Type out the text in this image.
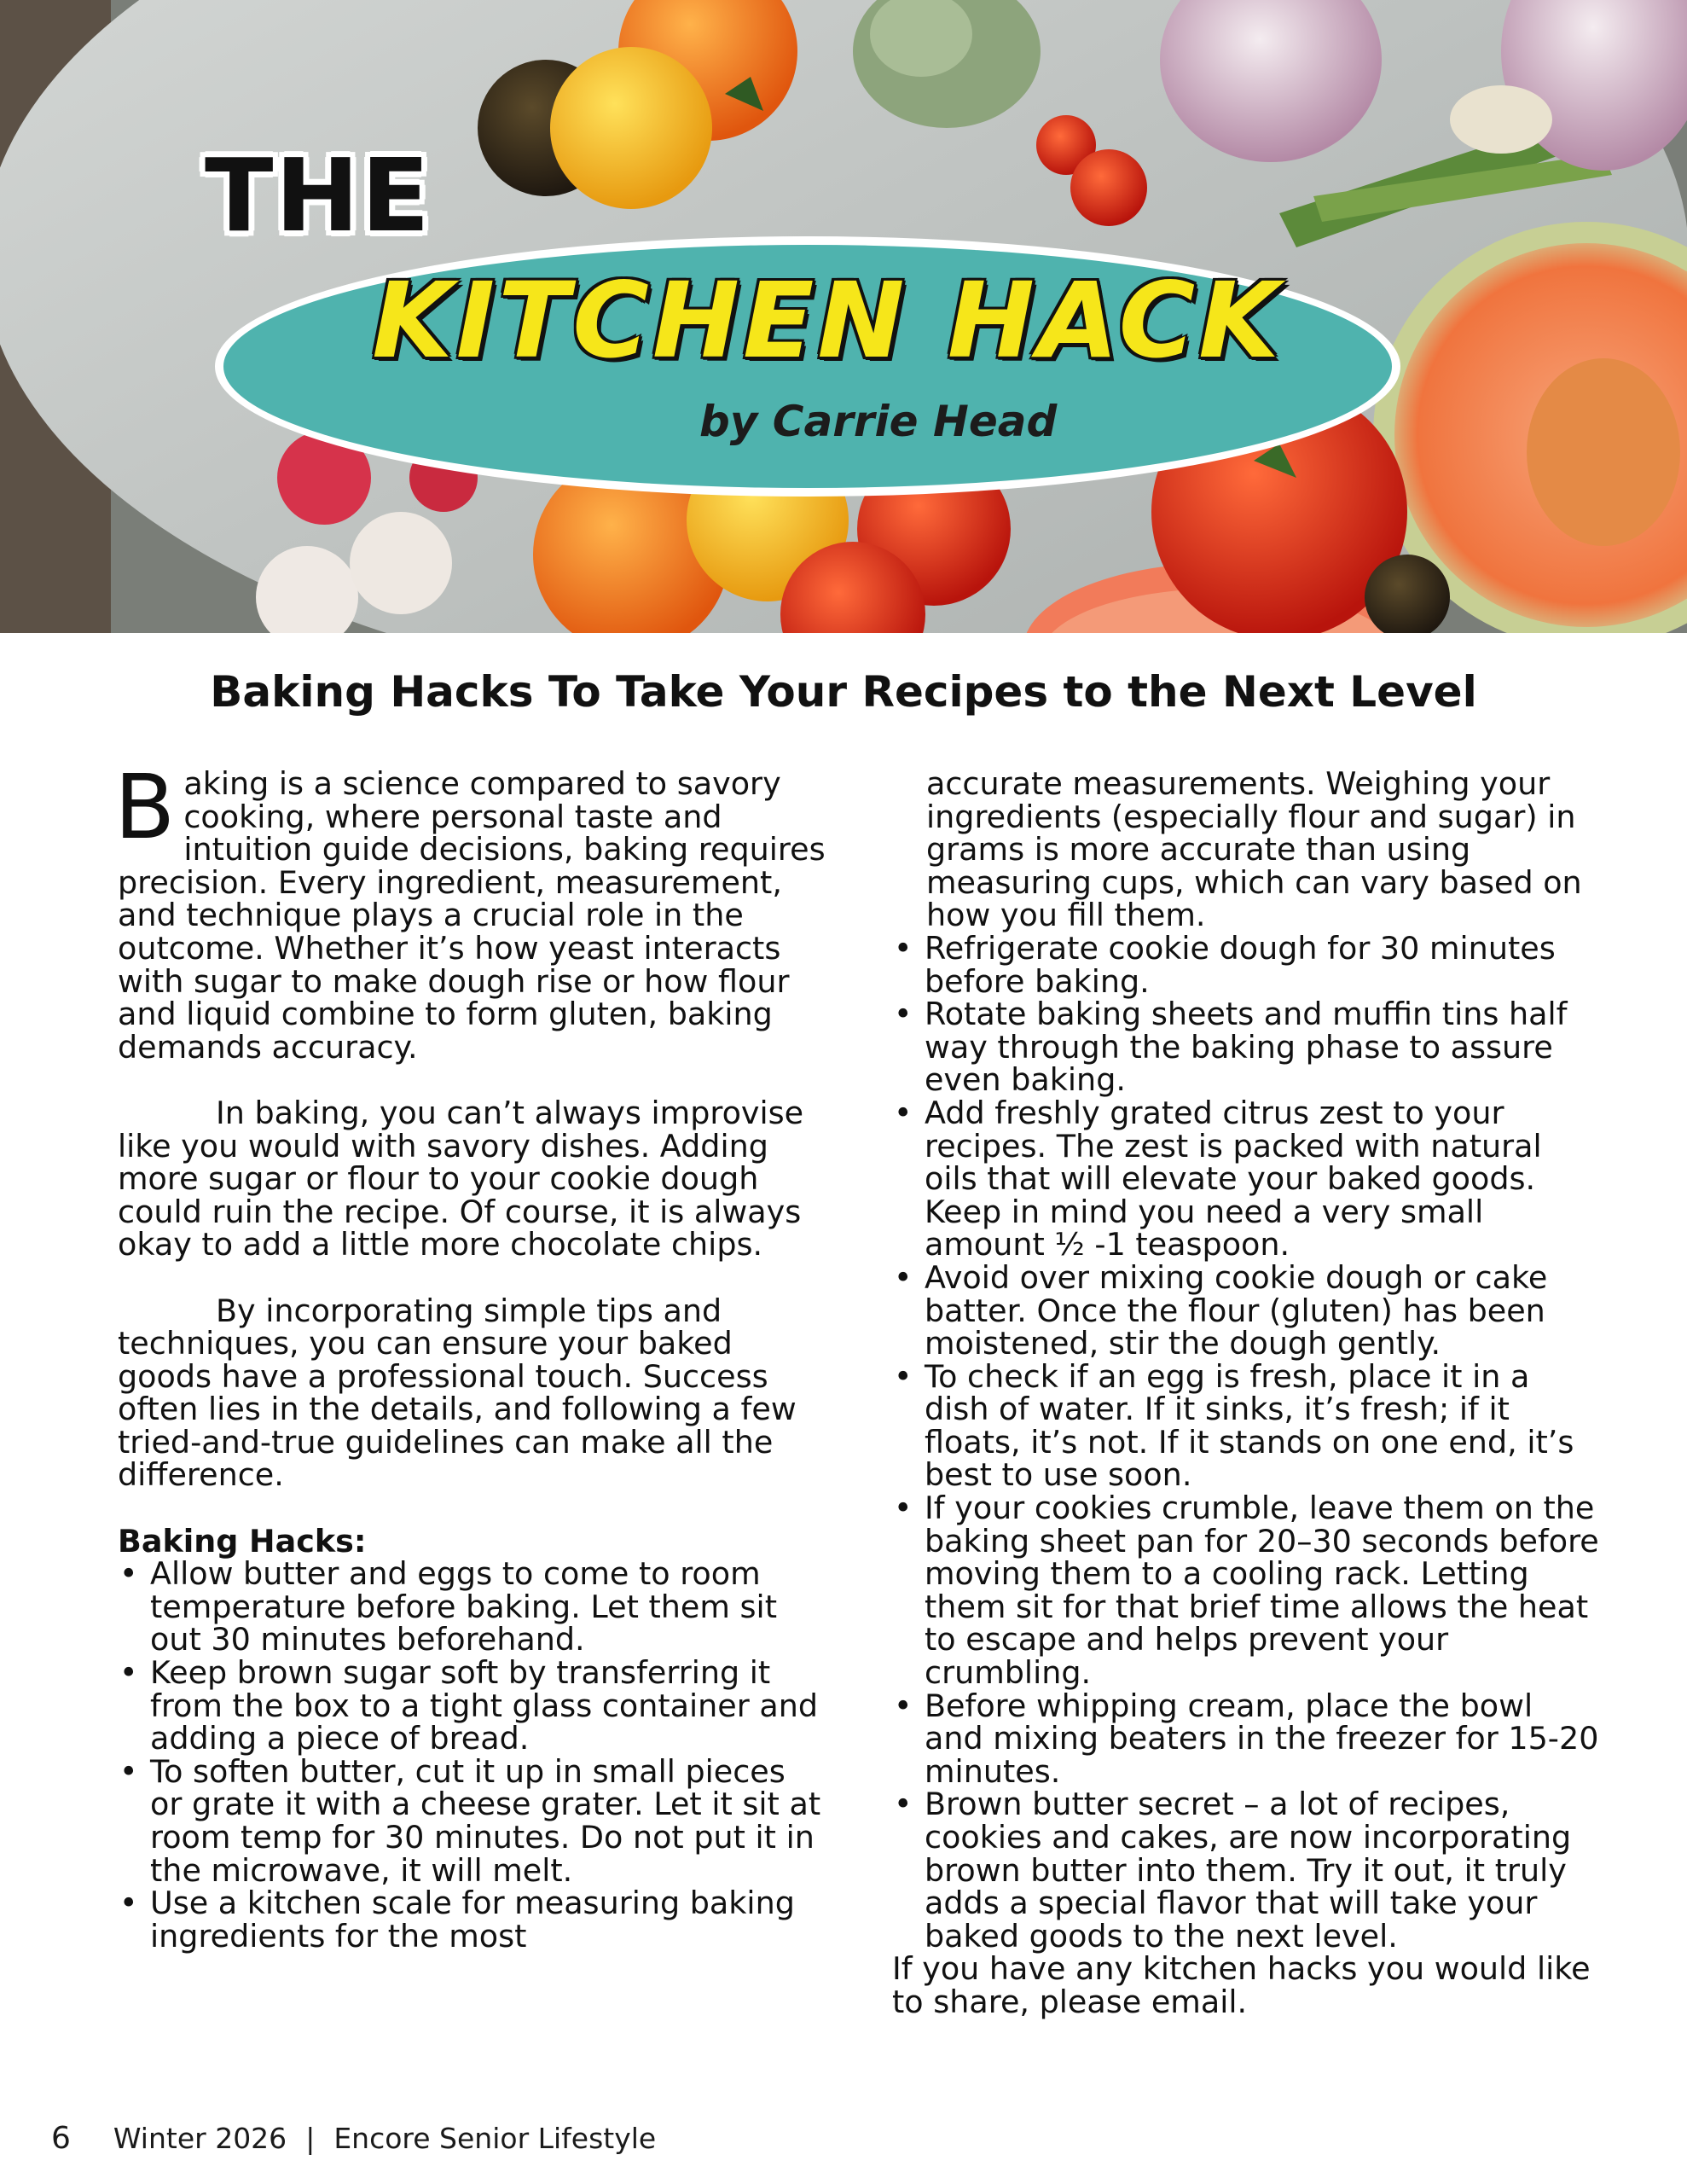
THE
KITCHEN HACK
by Carrie Head
Baking Hacks To Take Your Recipes to the Next Level

Baking is a science compared to savory cooking, where personal taste and intuition guide decisions, baking requires precision. Every ingredient, measurement, and technique plays a crucial role in the outcome. Whether it’s how yeast interacts with sugar to make dough rise or how flour and liquid combine to form gluten, baking demands accuracy.

In baking, you can’t always improvise like you would with savory dishes. Adding more sugar or flour to your cookie dough could ruin the recipe. Of course, it is always okay to add a little more chocolate chips.

By incorporating simple tips and techniques, you can ensure your baked goods have a professional touch. Success often lies in the details, and following a few tried-and-true guidelines can make all the difference.

Baking Hacks:

• Allow butter and eggs to come to room temperature before baking. Let them sit out 30 minutes beforehand.
• Keep brown sugar soft by transferring it from the box to a tight glass container and adding a piece of bread.
• To soften butter, cut it up in small pieces or grate it with a cheese grater. Let it sit at room temp for 30 minutes. Do not put it in the microwave, it will melt.
• Use a kitchen scale for measuring baking ingredients for the most

accurate measurements. Weighing your ingredients (especially flour and sugar) in grams is more accurate than using measuring cups, which can vary based on how you fill them.

• Refrigerate cookie dough for 30 minutes before baking.
• Rotate baking sheets and muffin tins half way through the baking phase to assure even baking.
• Add freshly grated citrus zest to your recipes. The zest is packed with natural oils that will elevate your baked goods. Keep in mind you need a very small amount ½ -1 teaspoon.
• Avoid over mixing cookie dough or cake batter. Once the flour (gluten) has been moistened, stir the dough gently.
• To check if an egg is fresh, place it in a dish of water. If it sinks, it’s fresh; if it floats, it’s not. If it stands on one end, it’s best to use soon.
• If your cookies crumble, leave them on the baking sheet pan for 20–30 seconds before moving them to a cooling rack. Letting them sit for that brief time allows the heat to escape and helps prevent your crumbling.
• Before whipping cream, place the bowl and mixing beaters in the freezer for 15-20 minutes.
• Brown butter secret – a lot of recipes, cookies and cakes, are now incorporating brown butter into them. Try it out, it truly adds a special flavor that will take your baked goods to the next level.

If you have any kitchen hacks you would like to share, please email.

6 Winter 2026 | Encore Senior Lifestyle
